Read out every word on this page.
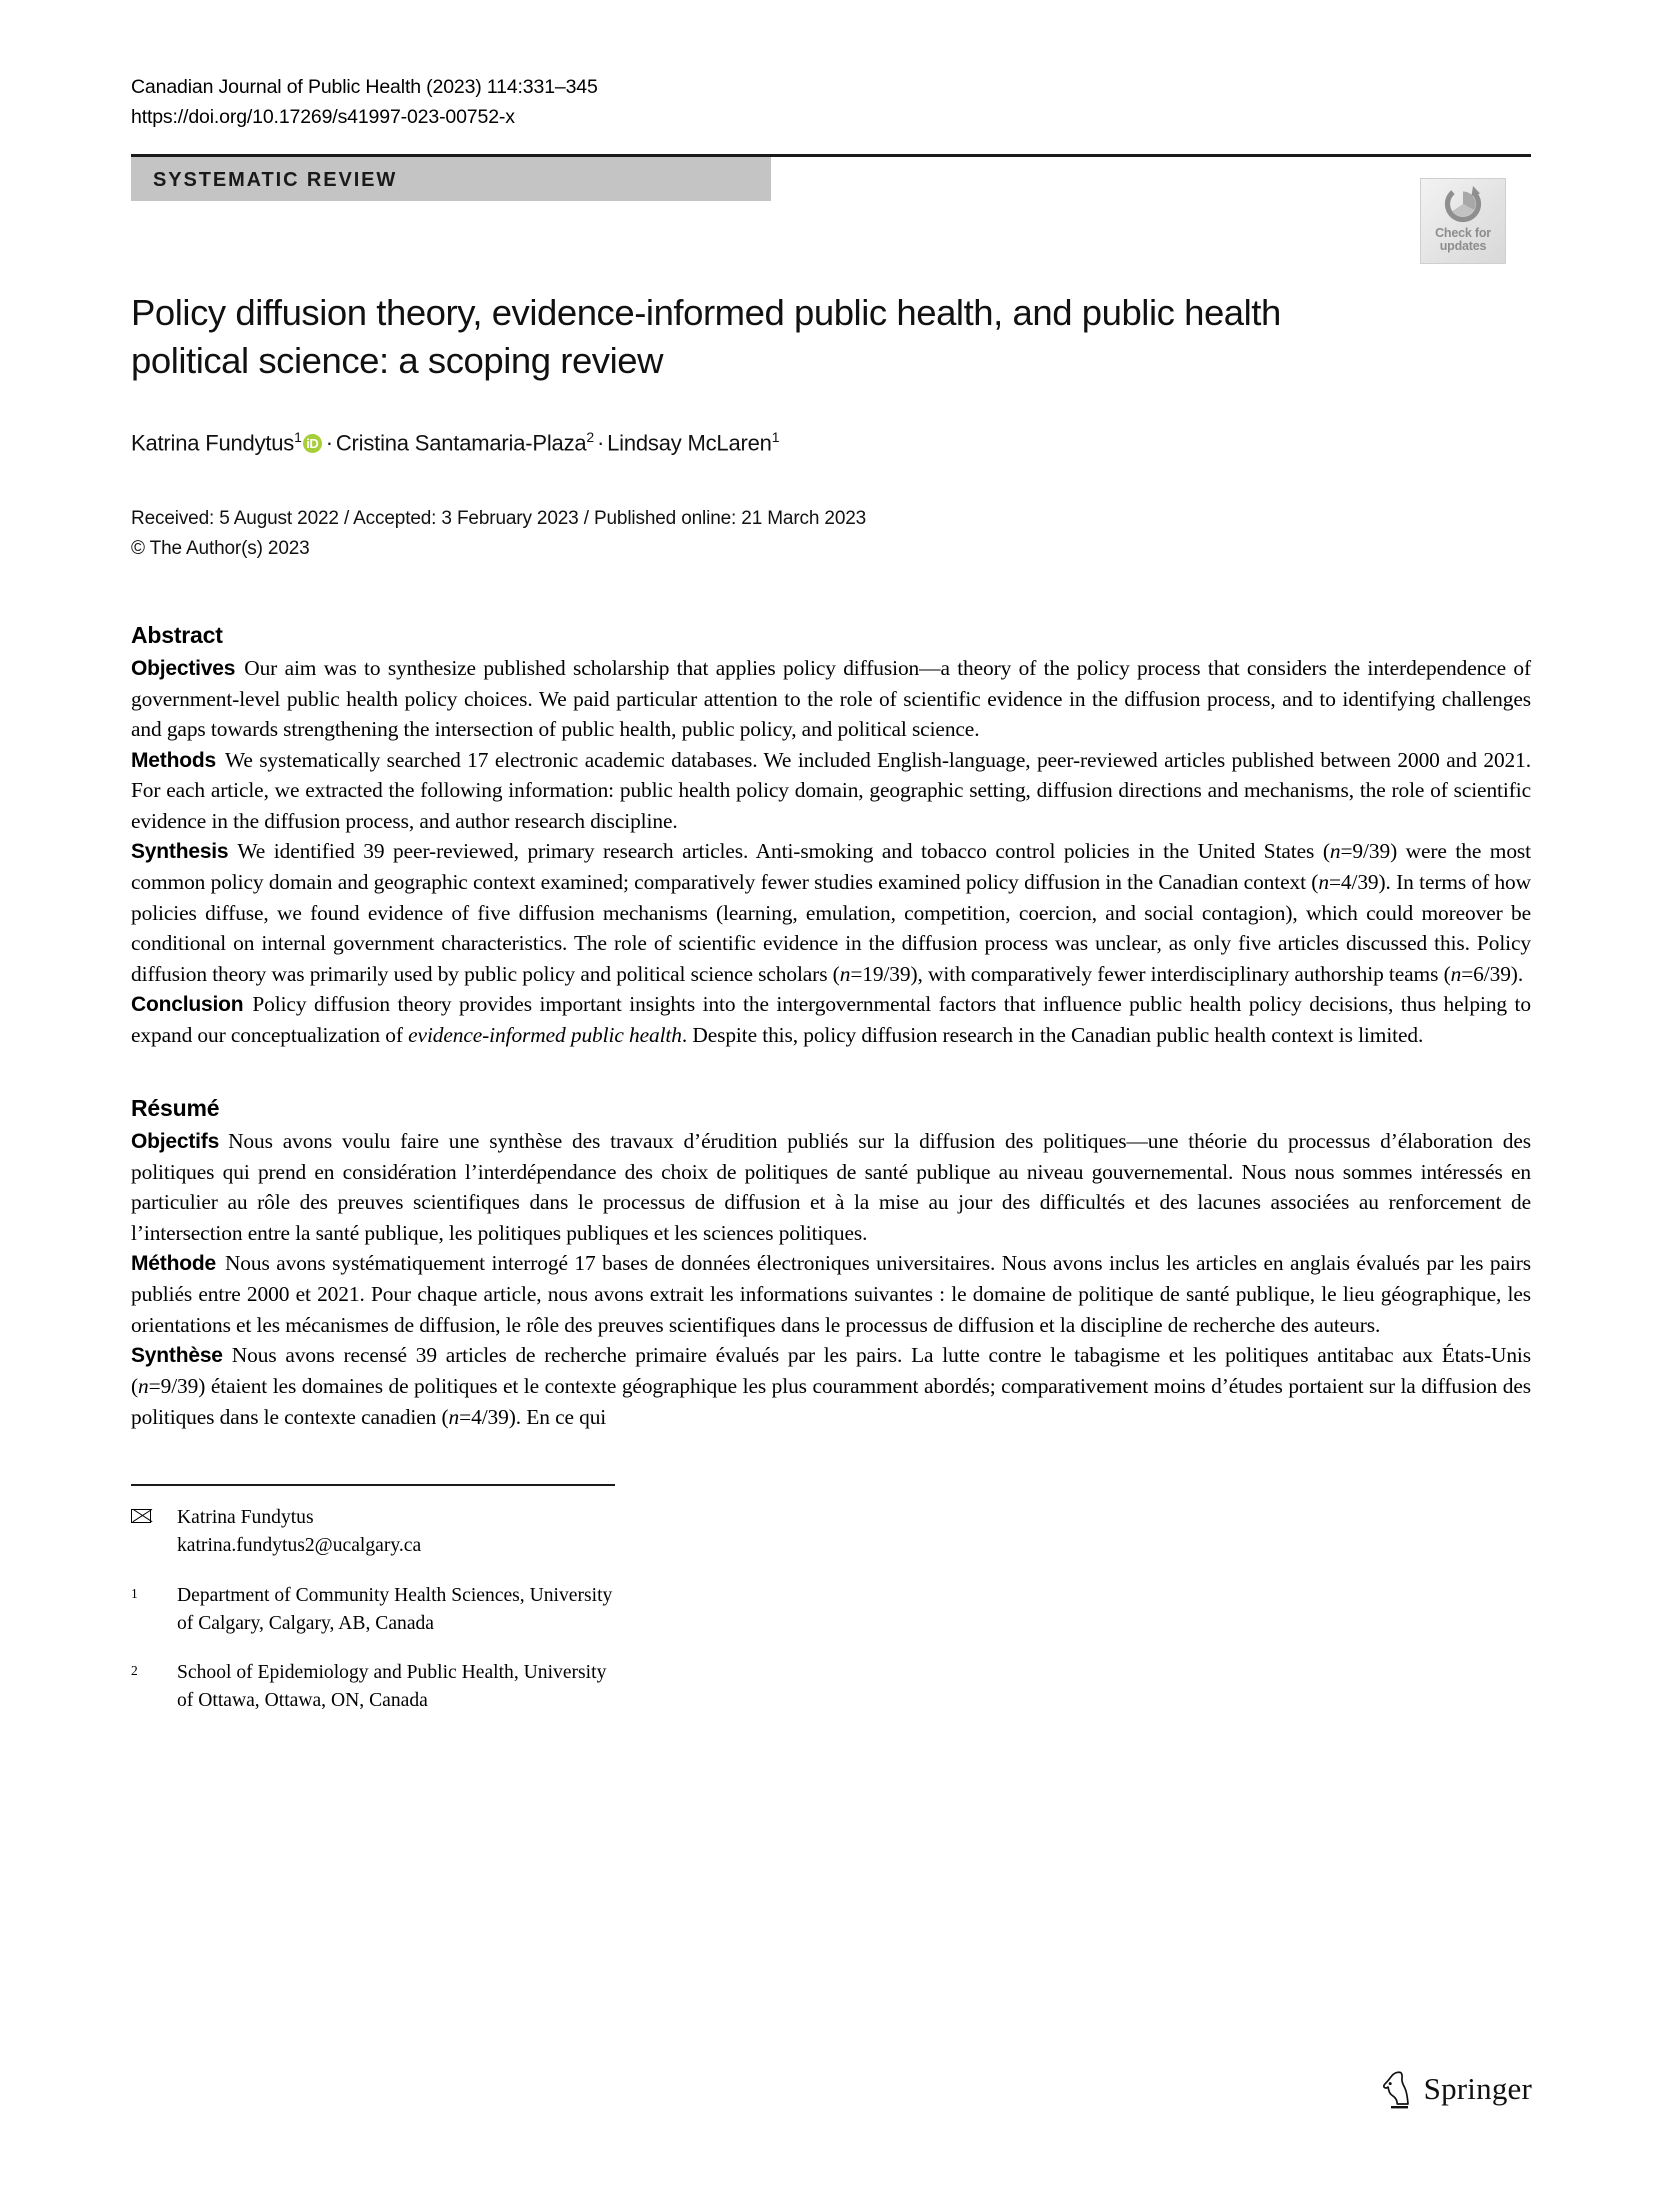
Canadian Journal of Public Health (2023) 114:331–345
https://doi.org/10.17269/s41997-023-00752-x
SYSTEMATIC REVIEW
Policy diffusion theory, evidence-informed public health, and public health political science: a scoping review
Katrina Fundytus$^1$ iD · Cristina Santamaria-Plaza$^2$ · Lindsay McLaren$^1$
Received: 5 August 2022 / Accepted: 3 February 2023 / Published online: 21 March 2023
© The Author(s) 2023
Abstract

Objectives Our aim was to synthesize published scholarship that applies policy diffusion—a theory of the policy process that considers the interdependence of government-level public health policy choices. We paid particular attention to the role of scientific evidence in the diffusion process, and to identifying challenges and gaps towards strengthening the intersection of public health, public policy, and political science.

Methods We systematically searched 17 electronic academic databases. We included English-language, peer-reviewed articles published between 2000 and 2021. For each article, we extracted the following information: public health policy domain, geographic setting, diffusion directions and mechanisms, the role of scientific evidence in the diffusion process, and author research discipline.

Synthesis We identified 39 peer-reviewed, primary research articles. Anti-smoking and tobacco control policies in the United States (n=9/39) were the most common policy domain and geographic context examined; comparatively fewer studies examined policy diffusion in the Canadian context (n=4/39). In terms of how policies diffuse, we found evidence of five diffusion mechanisms (learning, emulation, competition, coercion, and social contagion), which could moreover be conditional on internal government characteristics. The role of scientific evidence in the diffusion process was unclear, as only five articles discussed this. Policy diffusion theory was primarily used by public policy and political science scholars (n=19/39), with comparatively fewer interdisciplinary authorship teams (n=6/39).

Conclusion Policy diffusion theory provides important insights into the intergovernmental factors that influence public health policy decisions, thus helping to expand our conceptualization of evidence-informed public health. Despite this, policy diffusion research in the Canadian public health context is limited.

Résumé

Objectifs Nous avons voulu faire une synthèse des travaux d’érudition publiés sur la diffusion des politiques—une théorie du processus d’élaboration des politiques qui prend en considération l’interdépendance des choix de politiques de santé publique au niveau gouvernemental. Nous nous sommes intéressés en particulier au rôle des preuves scientifiques dans le processus de diffusion et à la mise au jour des difficultés et des lacunes associées au renforcement de l’intersection entre la santé publique, les politiques publiques et les sciences politiques.

Méthode Nous avons systématiquement interrogé 17 bases de données électroniques universitaires. Nous avons inclus les articles en anglais évalués par les pairs publiés entre 2000 et 2021. Pour chaque article, nous avons extrait les informations suivantes : le domaine de politique de santé publique, le lieu géographique, les orientations et les mécanismes de diffusion, le rôle des preuves scientifiques dans le processus de diffusion et la discipline de recherche des auteurs.

Synthèse Nous avons recensé 39 articles de recherche primaire évalués par les pairs. La lutte contre le tabagisme et les politiques antitabac aux États-Unis (n=9/39) étaient les domaines de politiques et le contexte géographique les plus couramment abordés; comparativement moins d’études portaient sur la diffusion des politiques dans le contexte canadien (n=4/39). En ce qui

Katrina Fundytus
katrina.fundytus2@ucalgary.ca
1	Department of Community Health Sciences, University
of Calgary, Calgary, AB, Canada
2	School of Epidemiology and Public Health, University
of Ottawa, Ottawa, ON, Canada
Check for
updates
Springer
